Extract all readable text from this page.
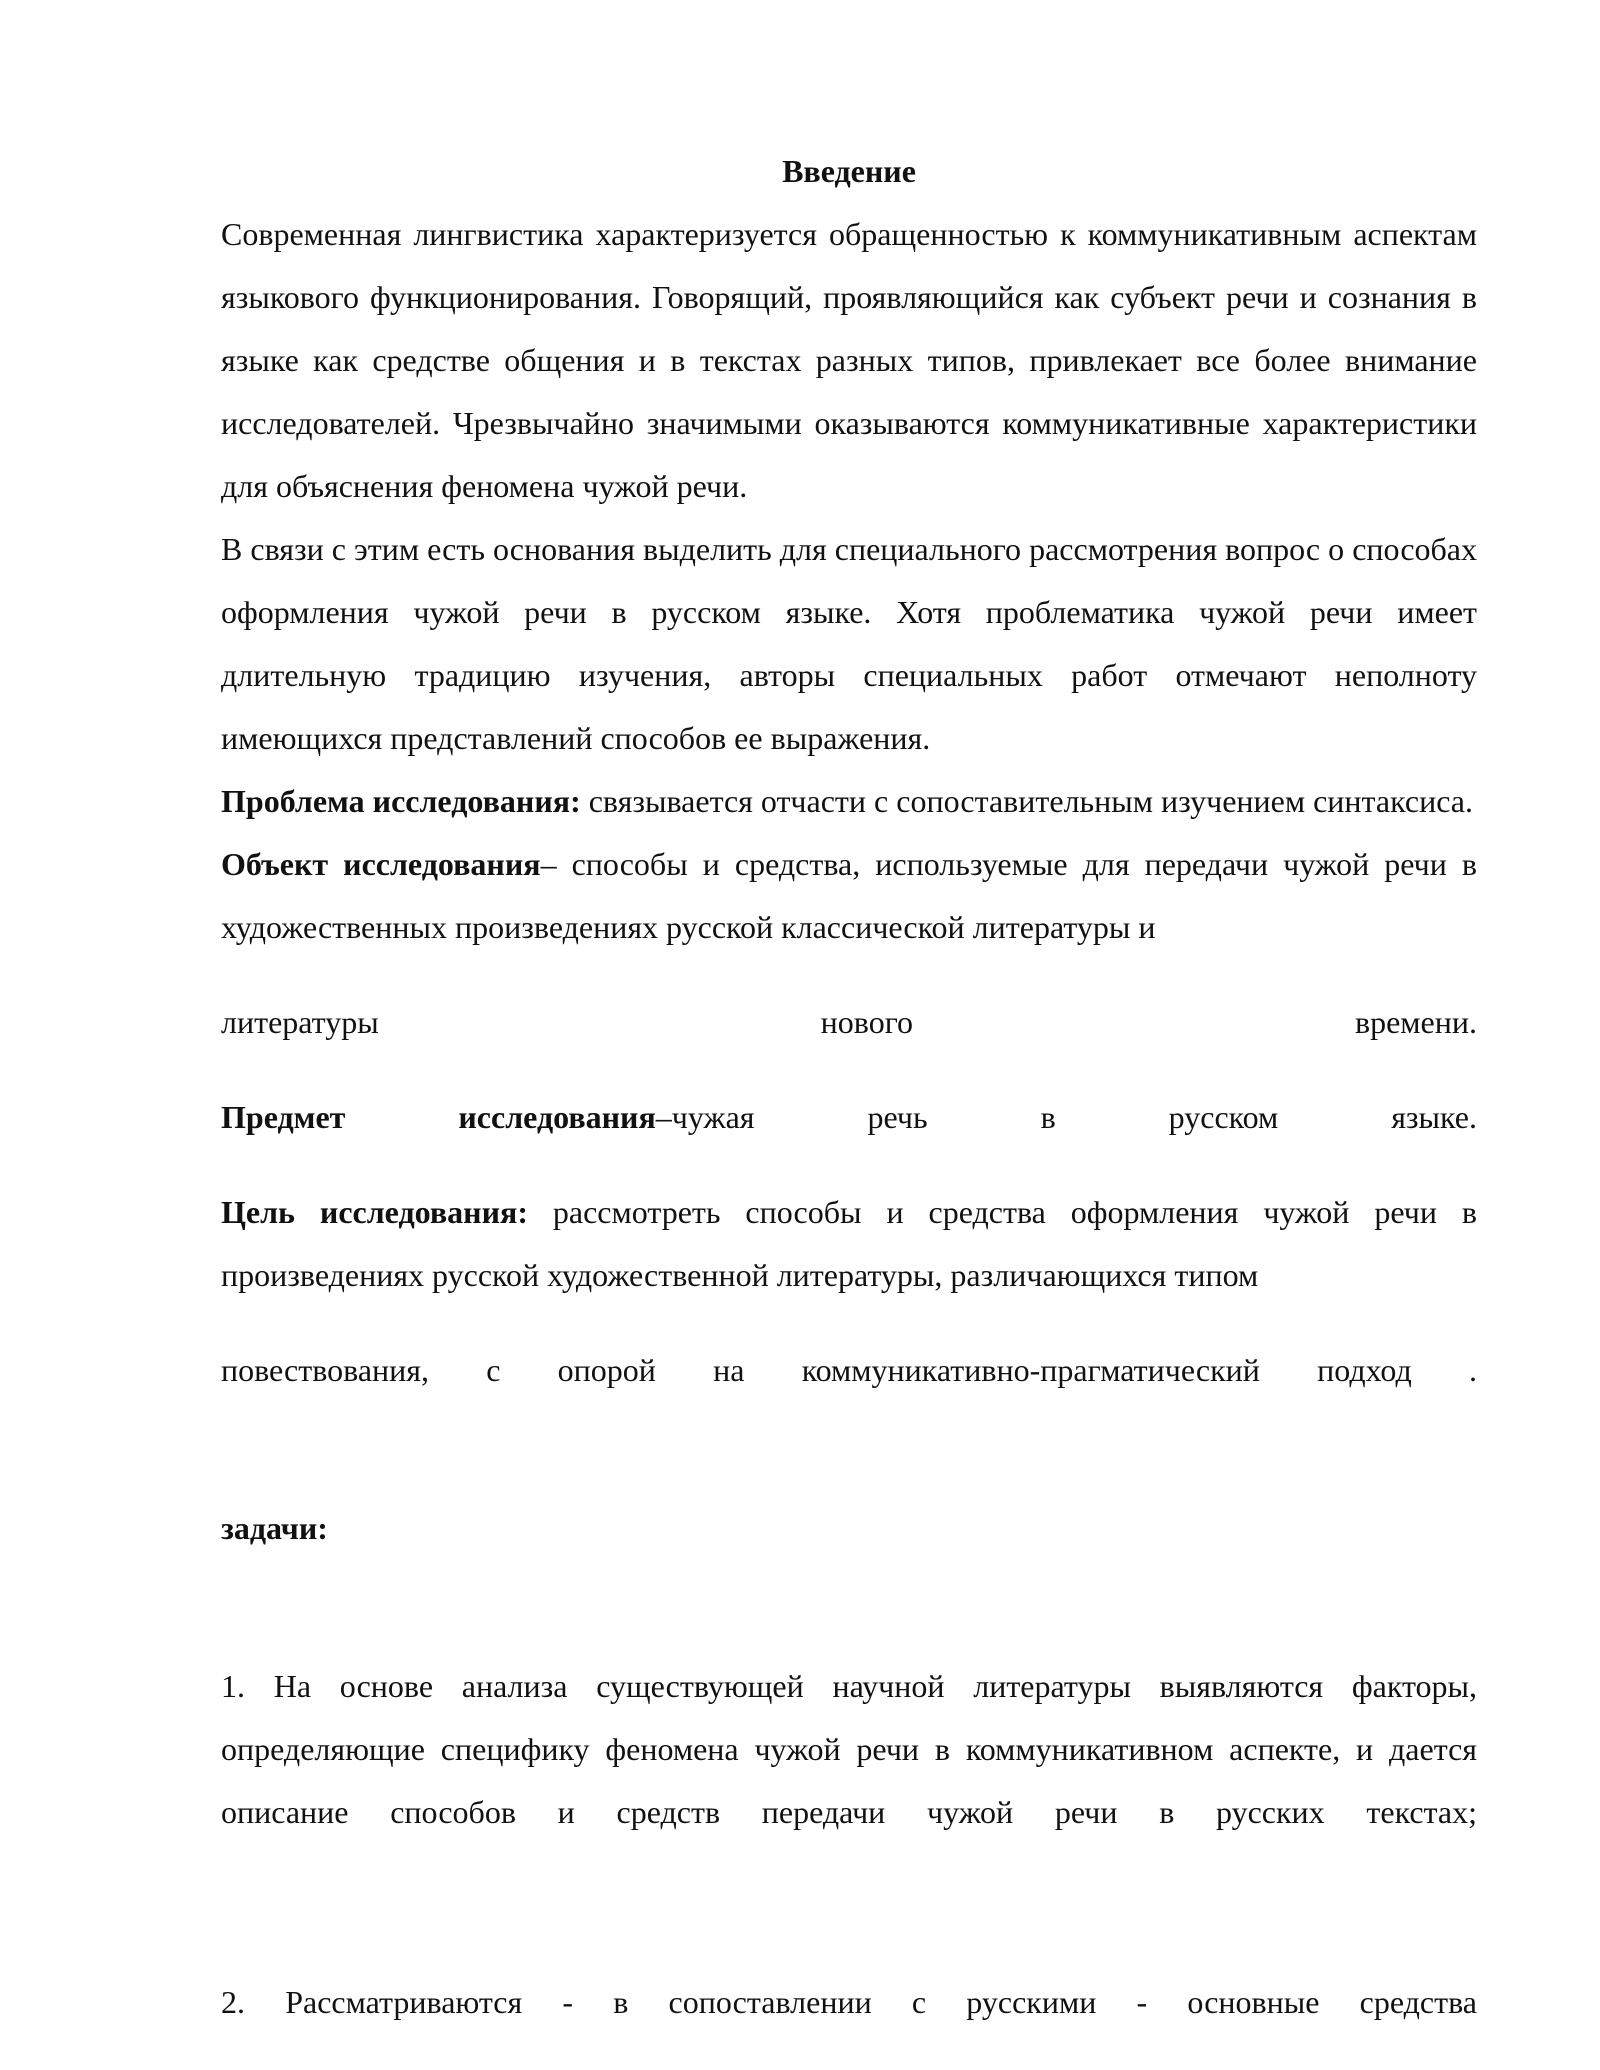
Введение

Современная лингвистика характеризуется обращенностью к коммуникативным аспектам языкового функционирования. Говорящий, проявляющийся как субъект речи и сознания в языке как средстве общения и в текстах разных типов, привлекает все более внимание исследователей. Чрезвычайно значимыми оказываются коммуникативные характеристики для объяснения феномена чужой речи.

В связи с этим есть основания выделить для специального рассмотрения вопрос о способах оформления чужой речи в русском языке. Хотя проблематика чужой речи имеет длительную традицию изучения, авторы специальных работ отмечают неполноту имеющихся представлений способов ее выражения.

Проблема исследования: связывается отчасти с сопоставительным изучением синтаксиса.

Объект исследования– способы и средства, используемые для передачи чужой речи в художественных произведениях русской классической литературы и

литературы нового времени.

Предмет исследования–чужая речь в русском языке.

Цель исследования: рассмотреть способы и средства оформления чужой речи в произведениях русской художественной литературы, различающихся типом

повествования, с опорой на коммуникативно-прагматический подход .

задачи:

1. На основе анализа существующей научной литературы выявляются факторы, определяющие специфику феномена чужой речи в коммуникативном аспекте, и дается описание способов и средств передачи чужой речи в русских текстах;

2. Рассматриваются - в сопоставлении с русскими - основные средства
